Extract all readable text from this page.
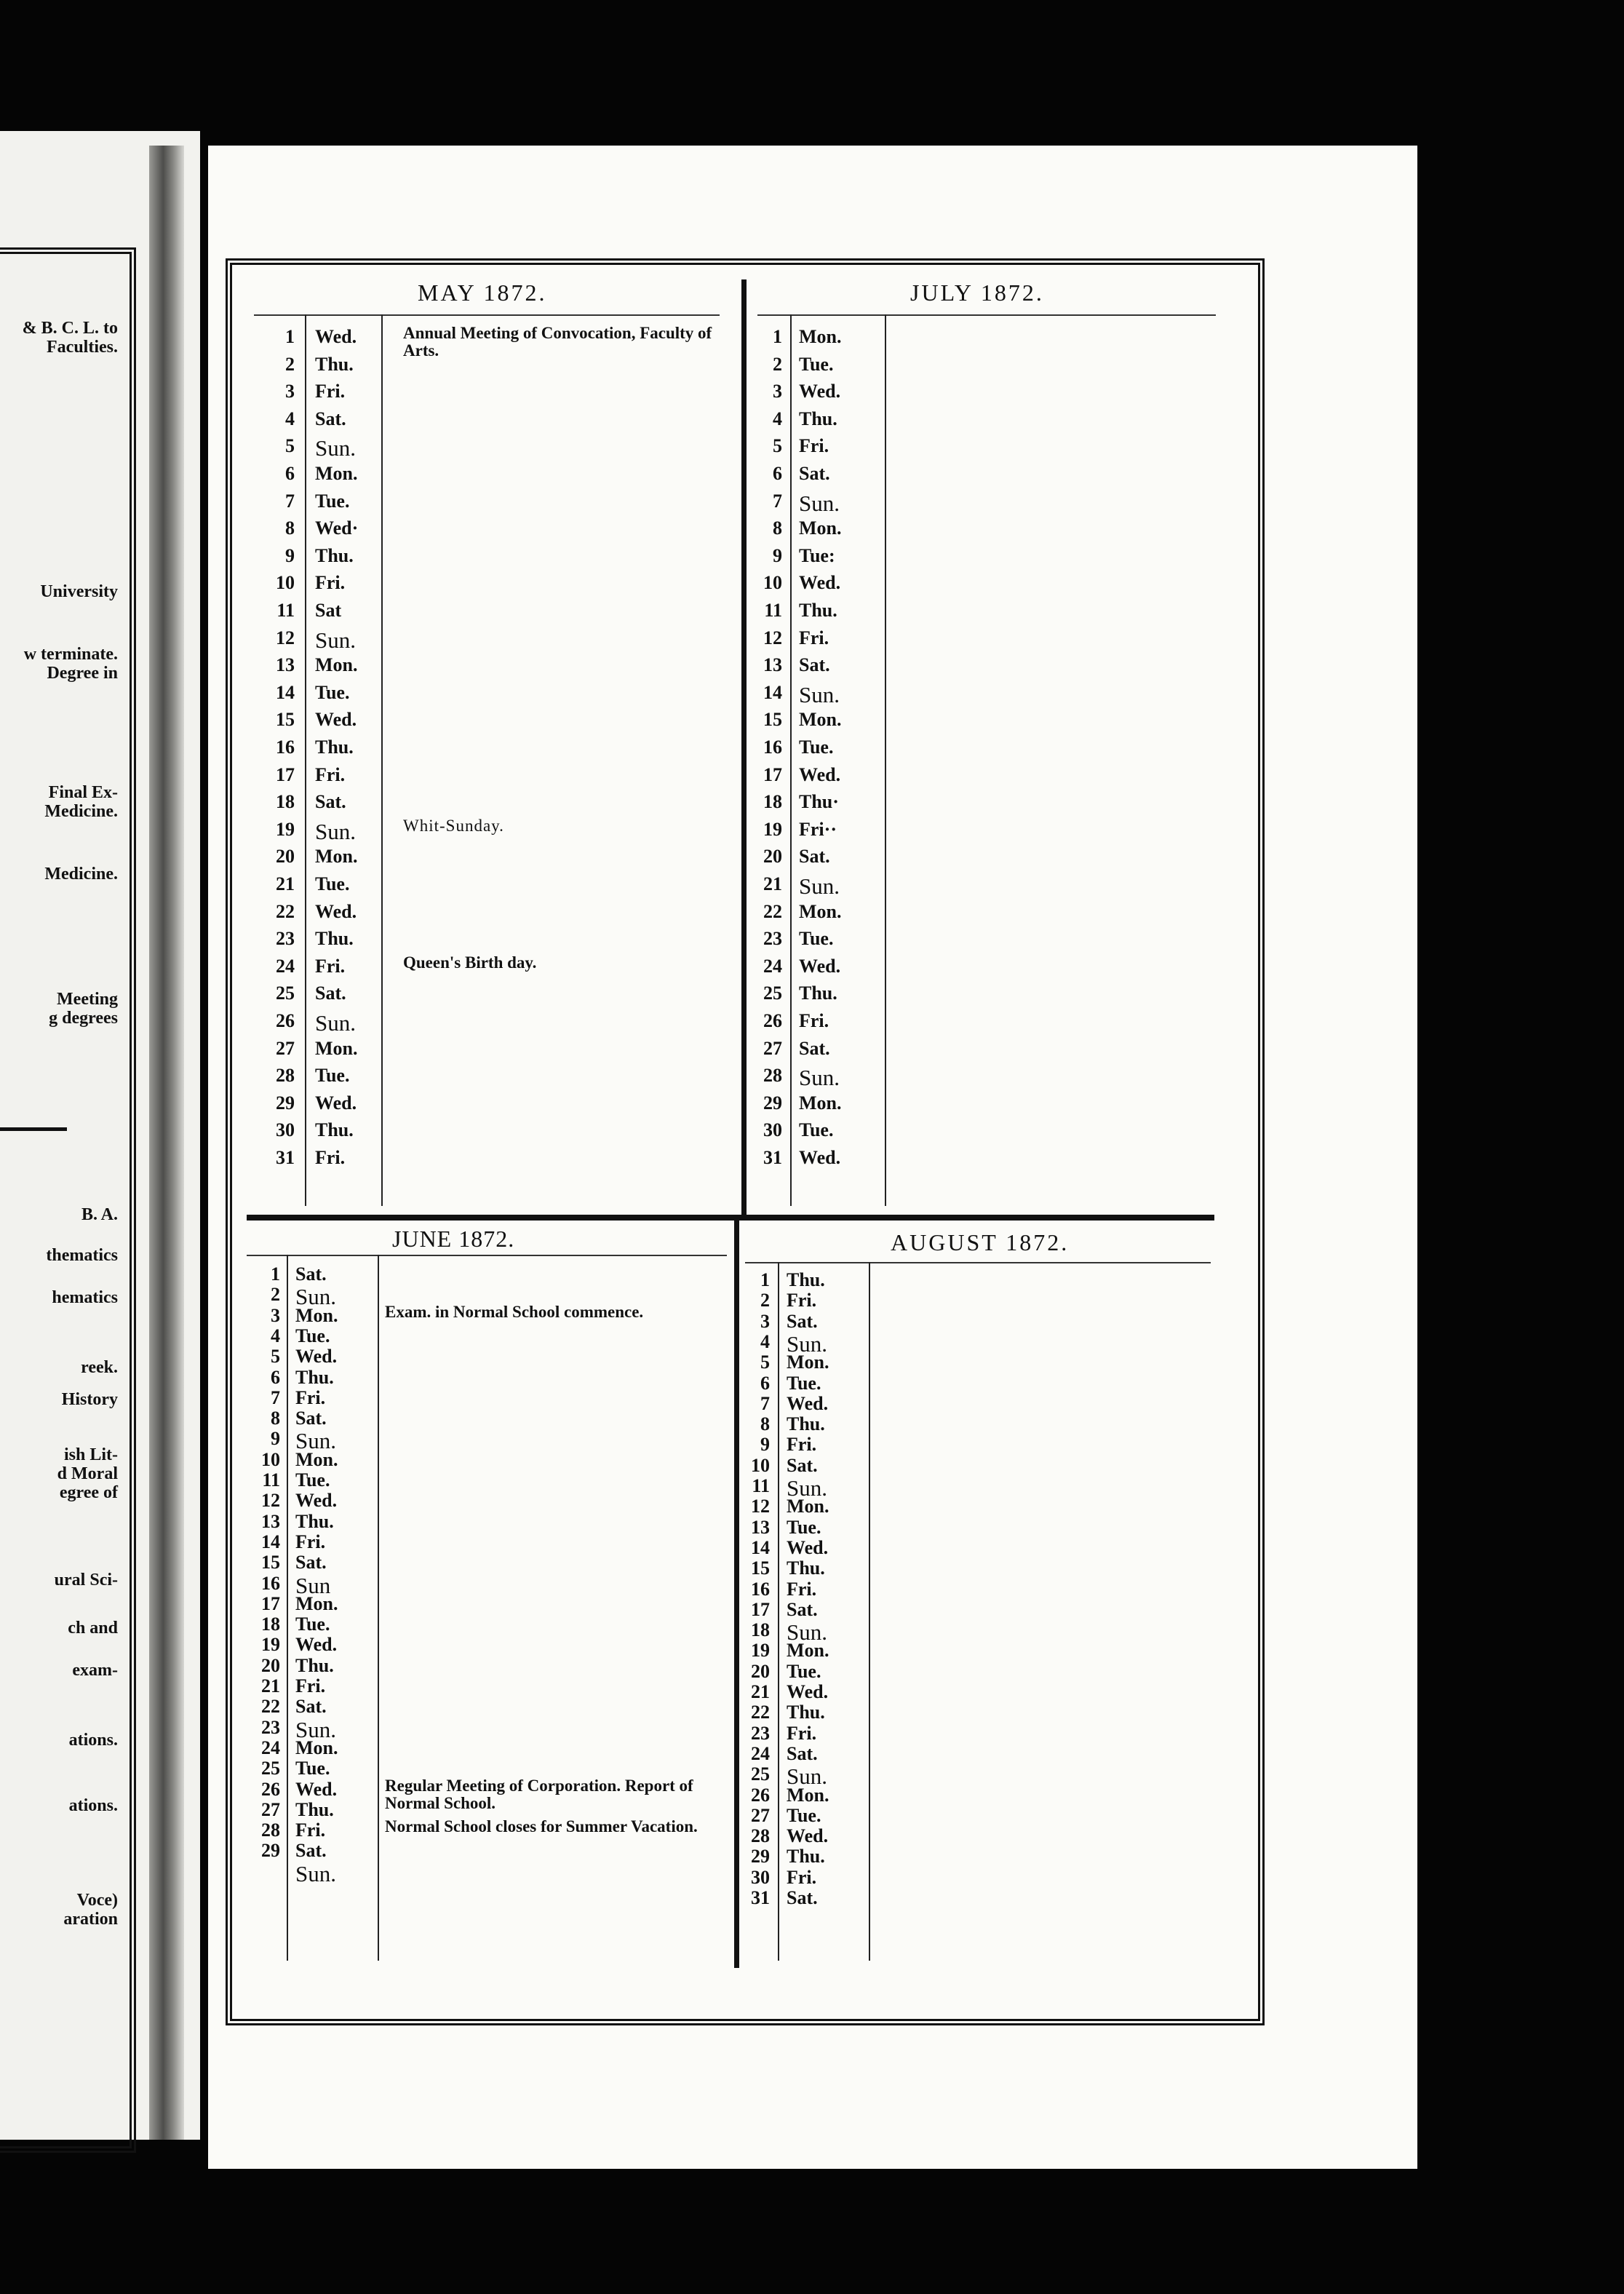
& B. C. L. to
Faculties.
University
w terminate.
Degree in
Final Ex-
Medicine.
Medicine.
Meeting
g degrees
B. A.
thematics
hematics
reek.
History
ish Lit-
d Moral
egree of
ural Sci-
ch and
exam-
ations.
ations.
Voce)
aration
MAY 1872.
1 Wed.	Annual Meeting of Convocation, Faculty of Arts.
2 Thu.
3 Fri.
4 Sat.
5 Sun.
6 Mon.
7 Tue.
8 Wed·
9 Thu.
10 Fri.
11 Sat
12 Sun.
13 Mon.
14 Tue.
15 Wed.
16 Thu.
17 Fri.
18 Sat.
19 Sun.	Whit-Sunday.
20 Mon.
21 Tue.
22 Wed.
23 Thu.
24 Fri.	Queen's Birth day.
25 Sat.
26 Sun.
27 Mon.
28 Tue.
29 Wed.
30 Thu.
31 Fri.
JULY 1872.
1 Mon.
2 Tue.
3 Wed.
4 Thu.
5 Fri.
6 Sat.
7 Sun.
8 Mon.
9 Tue:
10 Wed.
11 Thu.
12 Fri.
13 Sat.
14 Sun.
15 Mon.
16 Tue.
17 Wed.
18 Thu·
19 Fri··
20 Sat.
21 Sun.
22 Mon.
23 Tue.
24 Wed.
25 Thu.
26 Fri.
27 Sat.
28 Sun.
29 Mon.
30 Tue.
31 Wed.
JUNE 1872.
1 Sat.
2 Sun.
3 Mon.	Exam. in Normal School commence.
4 Tue.
5 Wed.
6 Thu.
7 Fri.
8 Sat.
9 Sun.
10 Mon.
11 Tue.
12 Wed.
13 Thu.
14 Fri.
15 Sat.
16 Sun
17 Mon.
18 Tue.
19 Wed.
20 Thu.
21 Fri.
22 Sat.
23 Sun.
24 Mon.
25 Tue.
26 Wed.	Regular Meeting of Corporation. Report of Normal School.
27 Thu.
28 Fri.	Normal School closes for Summer Vacation.
29 Sat.
Sun.
AUGUST 1872.
1 Thu.
2 Fri.
3 Sat.
4 Sun.
5 Mon.
6 Tue.
7 Wed.
8 Thu.
9 Fri.
10 Sat.
11 Sun.
12 Mon.
13 Tue.
14 Wed.
15 Thu.
16 Fri.
17 Sat.
18 Sun.
19 Mon.
20 Tue.
21 Wed.
22 Thu.
23 Fri.
24 Sat.
25 Sun.
26 Mon.
27 Tue.
28 Wed.
29 Thu.
30 Fri.
31 Sat.
